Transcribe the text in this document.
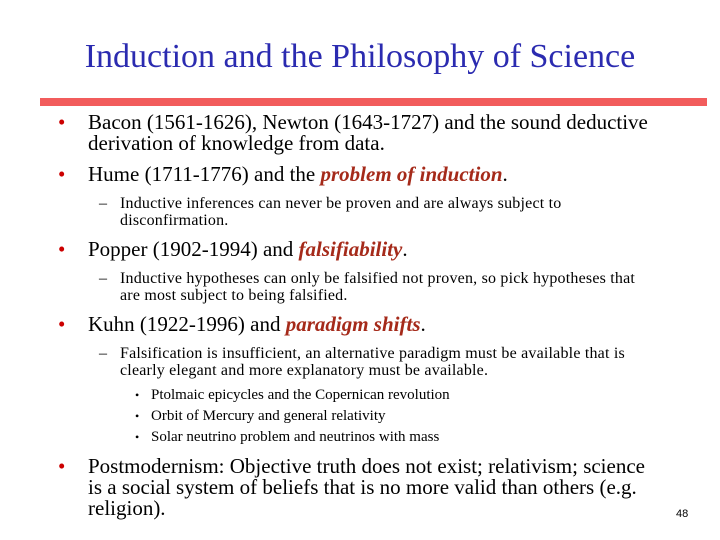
Induction and the Philosophy of Science
• Bacon (1561-1626), Newton (1643-1727) and the sound deductive derivation of knowledge from data.
• Hume (1711-1776) and the problem of induction.
– Inductive inferences can never be proven and are always subject to disconfirmation.
• Popper (1902-1994) and falsifiability.
– Inductive hypotheses can only be falsified not proven, so pick hypotheses that are most subject to being falsified.
• Kuhn (1922-1996) and paradigm shifts.
– Falsification is insufficient, an alternative paradigm must be available that is clearly elegant and more explanatory must be available.
• Ptolmaic epicycles and the Copernican revolution
• Orbit of Mercury and general relativity
• Solar neutrino problem and neutrinos with mass
• Postmodernism: Objective truth does not exist; relativism; science is a social system of beliefs that is no more valid than others (e.g. religion).	48
